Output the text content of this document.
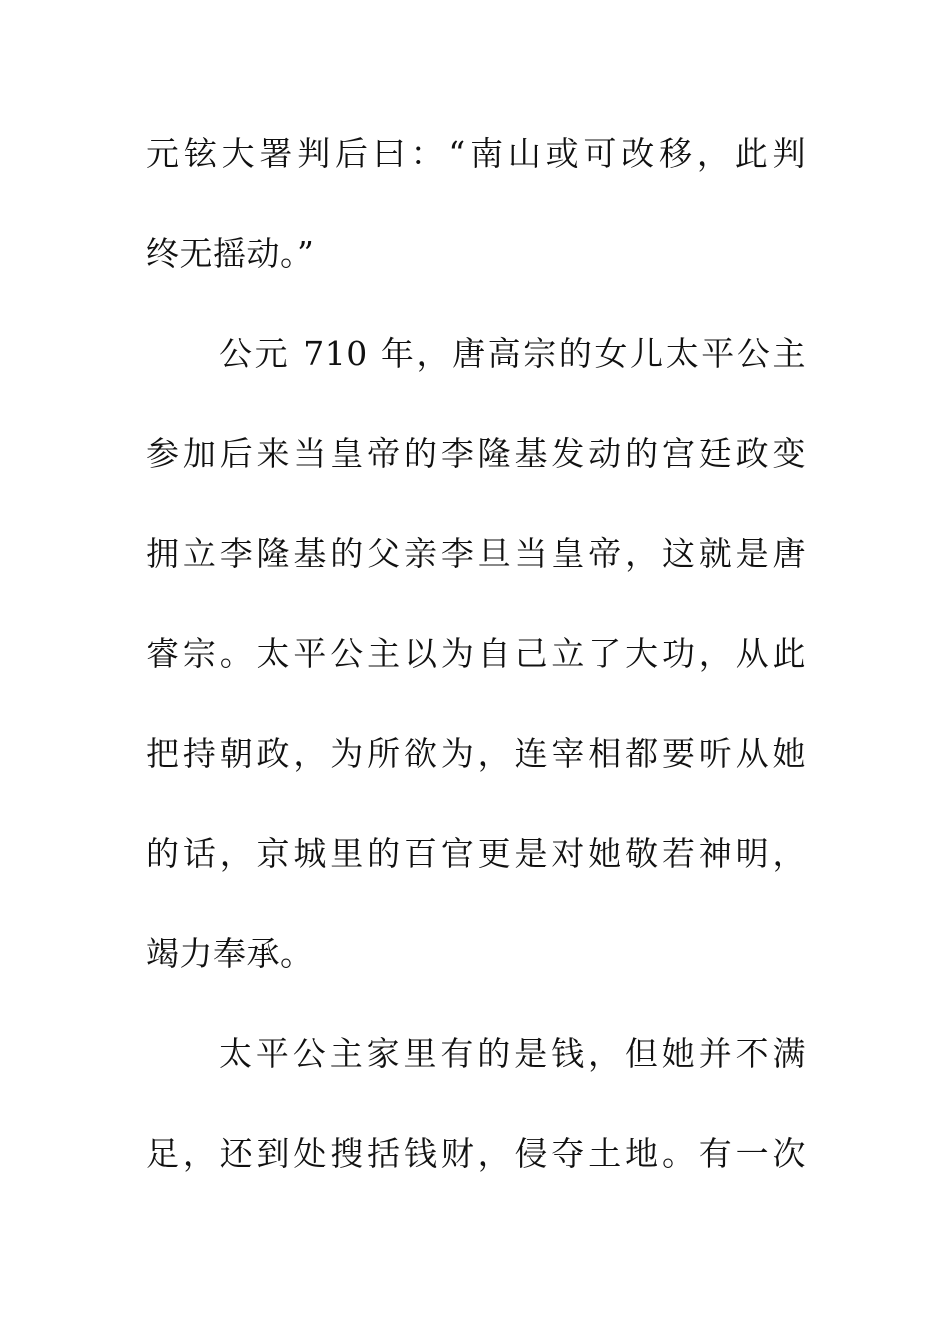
元铉大署判后曰：“南山或可改移，此判
终无摇动。”
公元 710 年，唐高宗的女儿太平公主
参加后来当皇帝的李隆基发动的宫廷政变
拥立李隆基的父亲李旦当皇帝，这就是唐
睿宗。太平公主以为自己立了大功，从此
把持朝政，为所欲为，连宰相都要听从她
的话，京城里的百官更是对她敬若神明，
竭力奉承。
太平公主家里有的是钱，但她并不满
足，还到处搜括钱财，侵夺土地。有一次
